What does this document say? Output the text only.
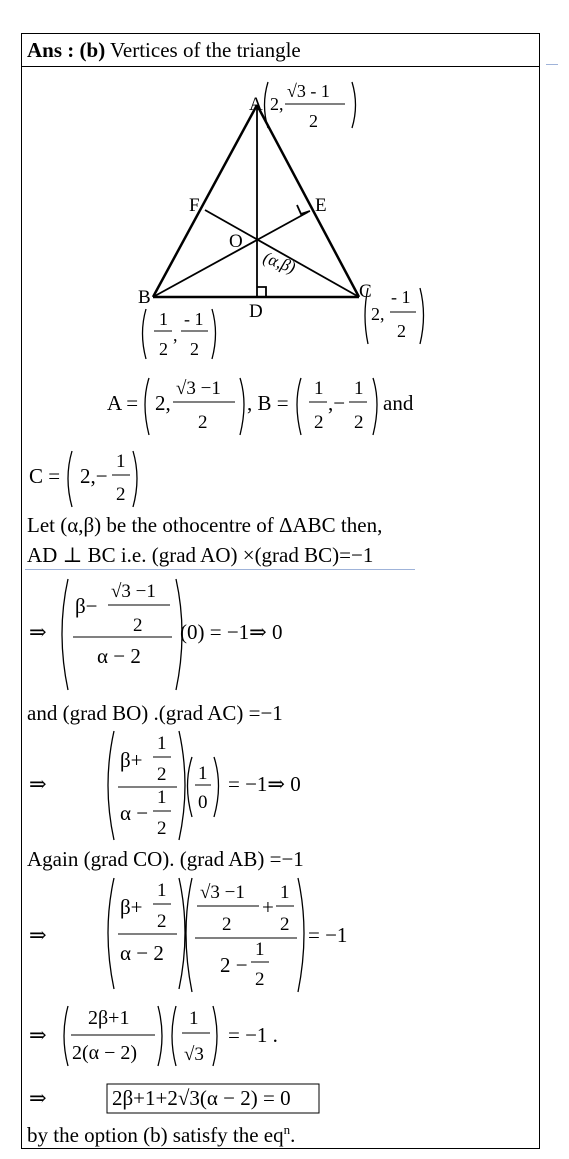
Ans : (b) Vertices of the triangle
A
F	E
O
(α,β)
B
D
C
2,
√3 - 1
2
1
2
,
- 1
2
2,
- 1
2
A = 2,
√3 −1
2
, B =
1
2
,−
1
2
and
C = 2,−
1
2
Let (α,β) be the othocentre of ΔABC then,
AD ⊥ BC i.e. (grad AO) ×(grad BC)=−1
⇒
β−
√3 −1
2
α − 2
(0) = −1⇒ 0
and (grad BO) .(grad AC) =−1
⇒
β+
1
2
α −
1
2
1
0
= −1⇒ 0
Again (grad CO). (grad AB) =−1
⇒
β+
1
2
α − 2
√3 −1
2
+
1
2
2 −
1
2
= −1
⇒
2β+1
2(α − 2)
1
√3
= −1 .
⇒	2β+1+2√3(α − 2) = 0
by the option (b) satisfy the $eq^n$.
